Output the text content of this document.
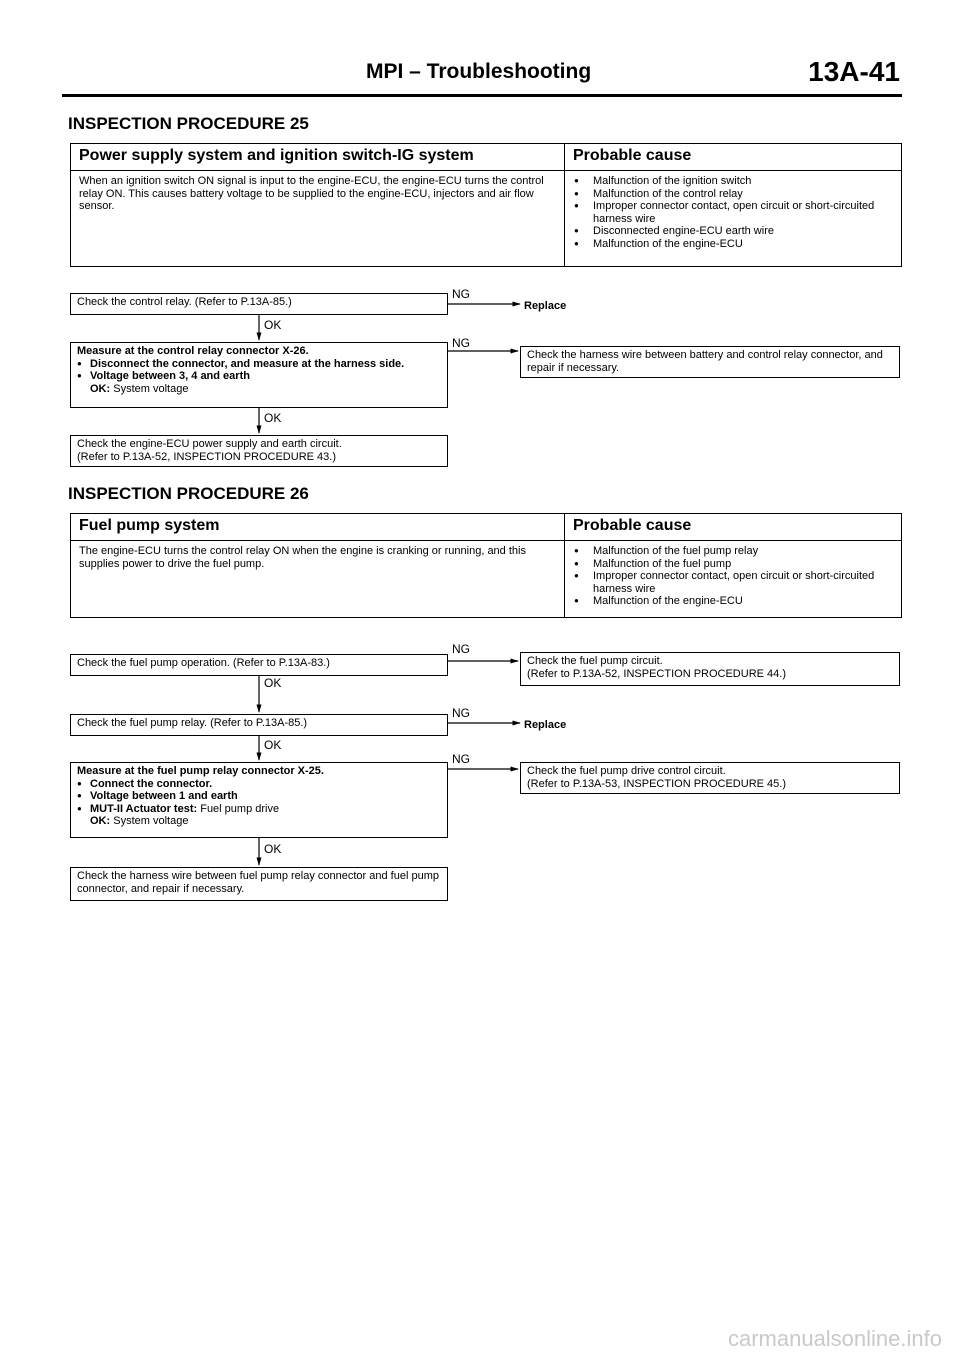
MPI – Troubleshooting	13A-41
INSPECTION PROCEDURE 25
Power supply system and ignition switch-IG system	Probable cause
When an ignition switch ON signal is input to the engine-ECU, the engine-ECU turns the control relay ON. This causes battery voltage to be supplied to the engine-ECU, injectors and air flow sensor.
● Malfunction of the ignition switch
● Malfunction of the control relay
● Improper connector contact, open circuit or short-circuited harness wire
● Disconnected engine-ECU earth wire
● Malfunction of the engine-ECU
Check the control relay. (Refer to P.13A-85.)	Replace
Measure at the control relay connector X-26.
● Disconnect the connector, and measure at the harness side.
● Voltage between 3, 4 and earth
OK: System voltage
Check the harness wire between battery and control relay connector, and repair if necessary.
Check the engine-ECU power supply and earth circuit.
(Refer to P.13A-52, INSPECTION PROCEDURE 43.)
INSPECTION PROCEDURE 26
Fuel pump system	Probable cause
The engine-ECU turns the control relay ON when the engine is cranking or running, and this supplies power to drive the fuel pump.
● Malfunction of the fuel pump relay
● Malfunction of the fuel pump
● Improper connector contact, open circuit or short-circuited harness wire
● Malfunction of the engine-ECU
Check the fuel pump operation. (Refer to P.13A-83.)	Check the fuel pump circuit.
(Refer to P.13A-52, INSPECTION PROCEDURE 44.)
Check the fuel pump relay. (Refer to P.13A-85.)	Replace
Measure at the fuel pump relay connector X-25.
● Connect the connector.
● Voltage between 1 and earth
● MUT-II Actuator test: Fuel pump drive
OK: System voltage
Check the fuel pump drive control circuit.
(Refer to P.13A-53, INSPECTION PROCEDURE 45.)
Check the harness wire between fuel pump relay connector and fuel pump connector, and repair if necessary.
OK
OK
OK
OK
OK
NG
NG
NG
NG
NG
carmanualsonline.info
